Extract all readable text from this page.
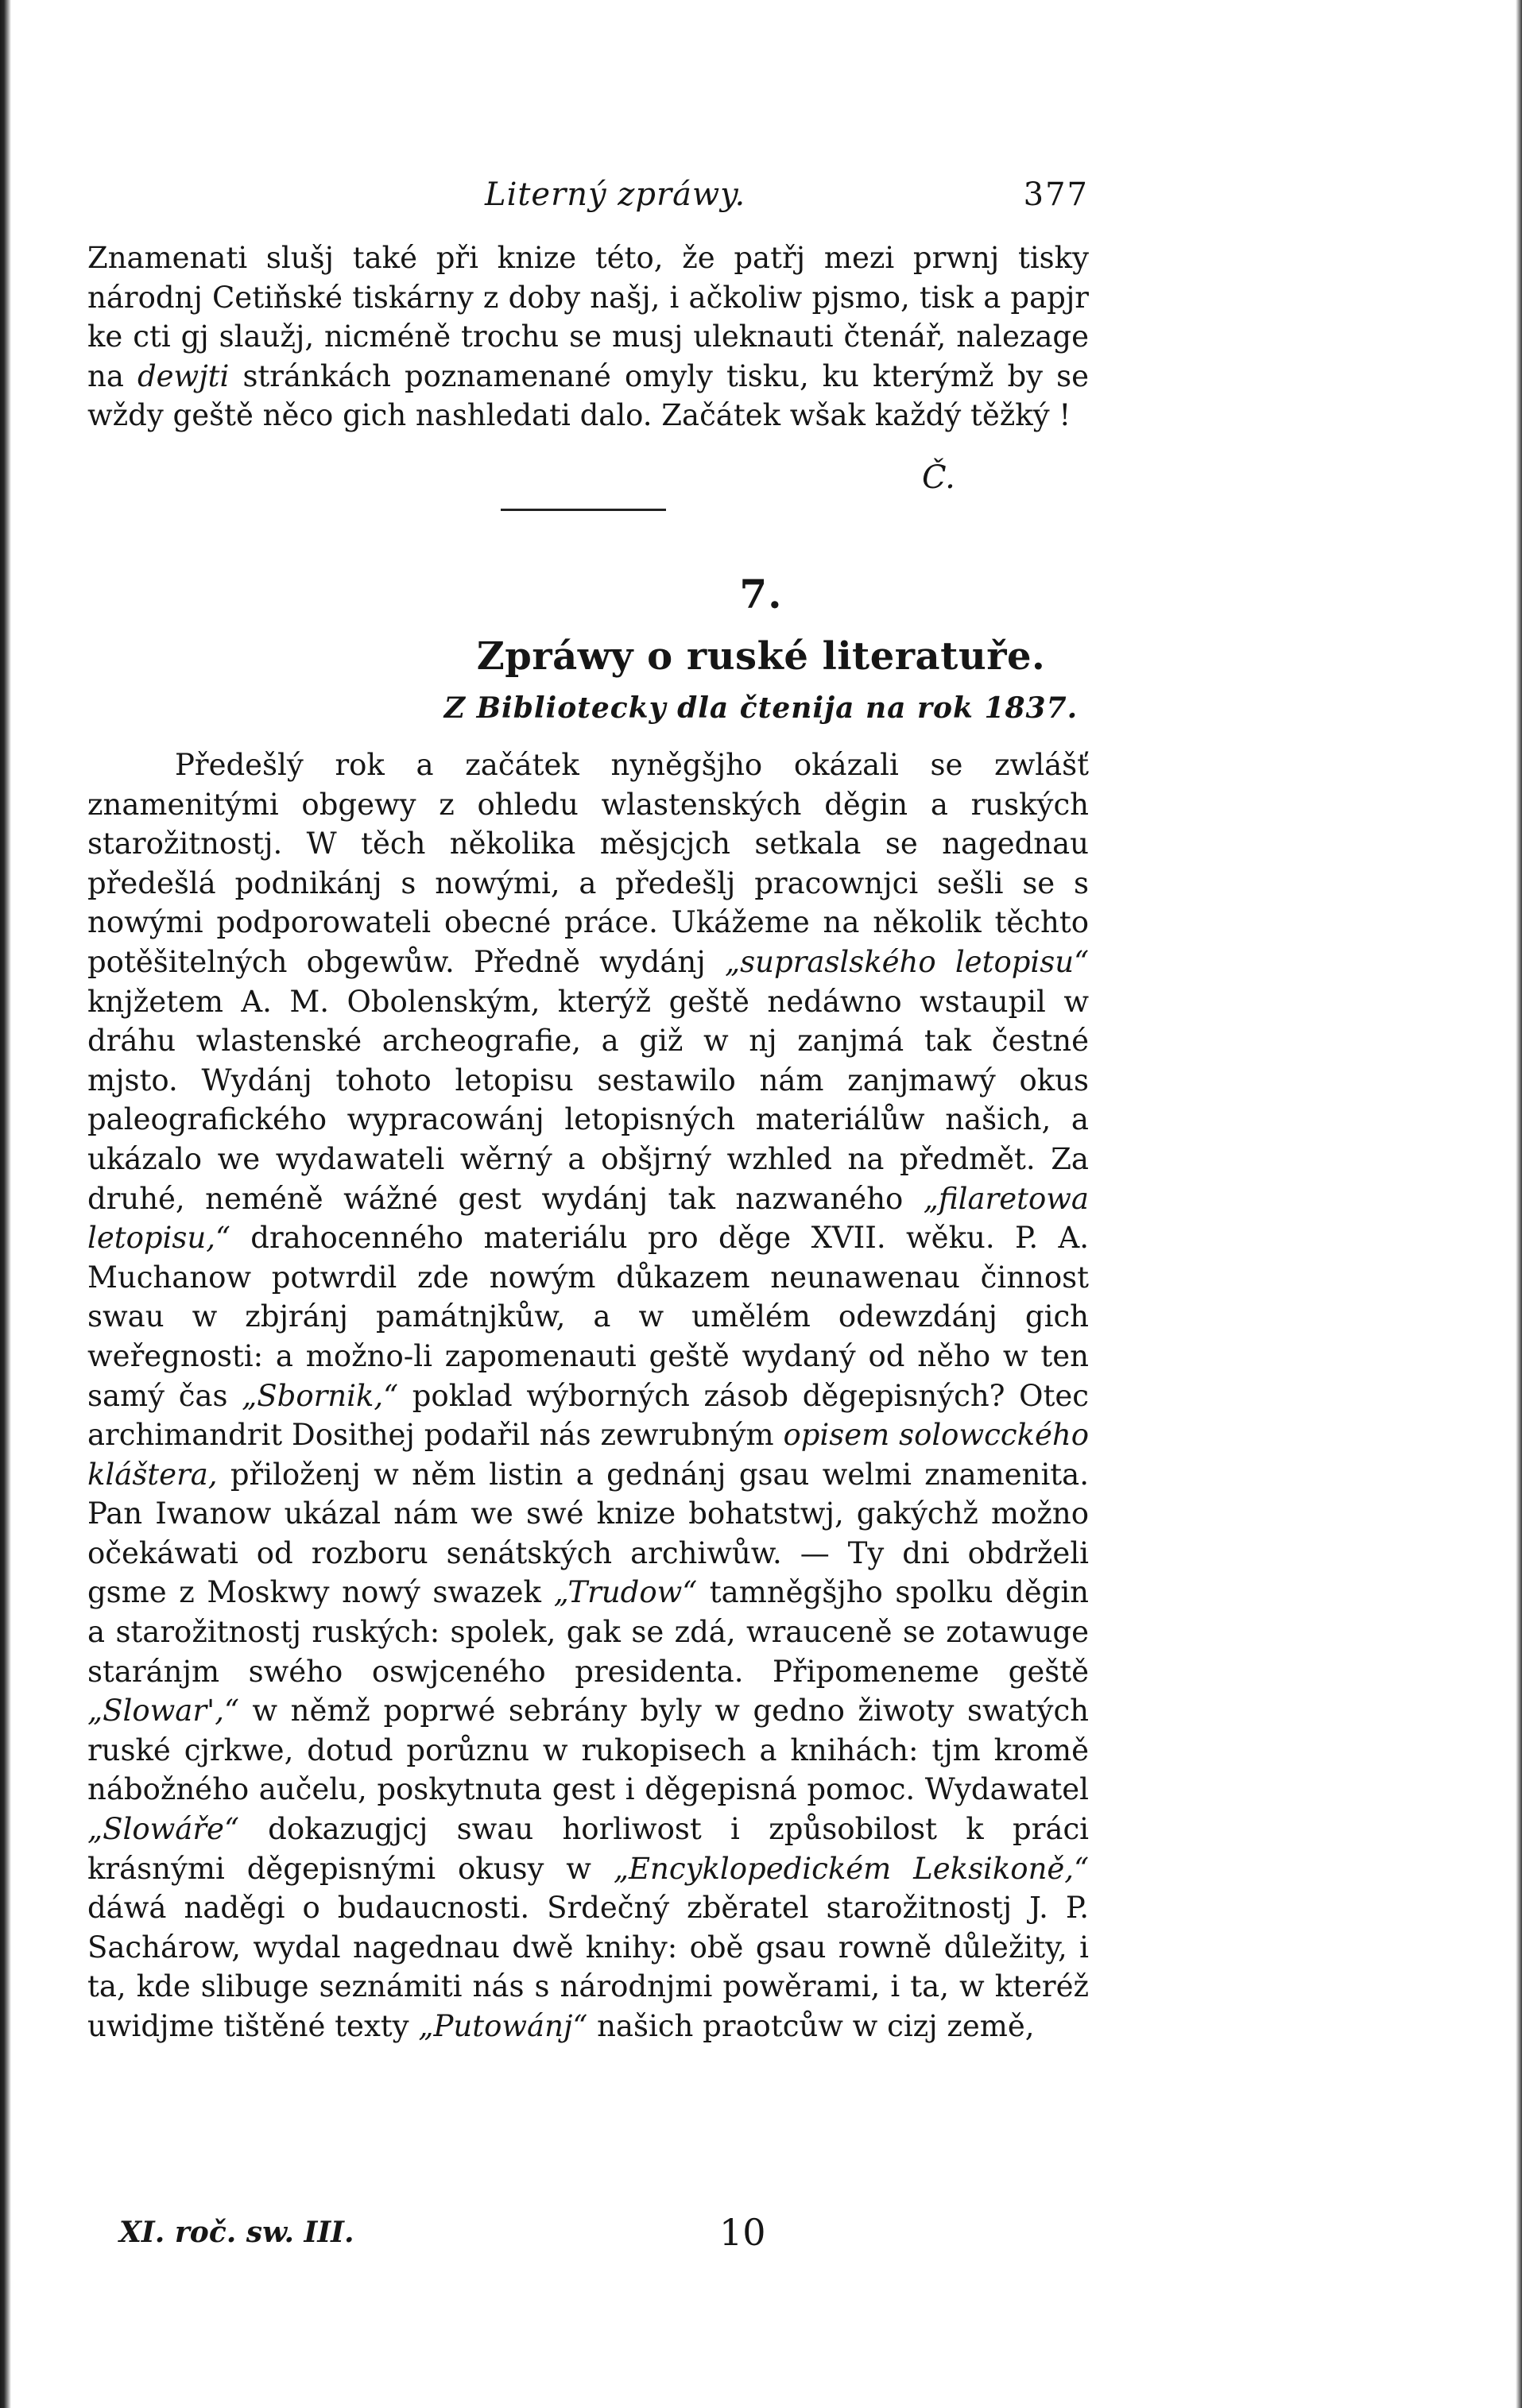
Literný zpráwy.	377
Znamenati slušj také při knize této, že patřj mezi prwnj tisky národnj Cetiňské tiskárny z doby našj, i ačkoliw pjsmo, tisk a papjr ke cti gj slaužj, nicméně trochu se musj uleknauti čtenář, nalezage na dewjti stránkách poznamenané omyly tisku, ku kterýmž by se wždy geště něco gich nashledati dalo. Začátek wšak každý těžký !
Č.
7.
Zpráwy o ruské literatuře.
Z Bibliotecky dla čtenija na rok 1837.
Předešlý rok a začátek nyněgšjho okázali se zwlášť znamenitými obgewy z ohledu wlastenských děgin a ruských starožitnostj. W těch několika měsjcjch setkala se nagednau předešlá podnikánj s nowými, a předešlj pracownjci sešli se s nowými podporowateli obecné práce. Ukážeme na několik těchto potěšitelných obgewůw. Předně wydánj „supraslského letopisu“ knjžetem A. M. Obolenským, kterýž geště nedáwno wstaupil w dráhu wlastenské archeografie, a giž w nj zanjmá tak čestné mjsto. Wydánj tohoto letopisu sestawilo nám zanjmawý okus paleografického wypracowánj letopisných materiálůw našich, a ukázalo we wydawateli wěrný a obšjrný wzhled na předmět. Za druhé, neméně wážné gest wydánj tak nazwaného „filaretowa letopisu,“ drahocenného materiálu pro děge XVII. wěku. P. A. Muchanow potwrdil zde nowým důkazem neunawenau činnost swau w zbjránj památnjkůw, a w umělém odewzdánj gich weřegnosti: a možno-li zapomenauti geště wydaný od něho w ten samý čas „Sbornik,“ poklad wýborných zásob děgepisných? Otec archimandrit Dosithej podařil nás zewrubným opisem solowcckého kláštera, přiloženj w něm listin a gednánj gsau welmi znamenita. Pan Iwanow ukázal nám we swé knize bohatstwj, gakýchž možno očekáwati od rozboru senátských archiwůw. — Ty dni obdrželi gsme z Moskwy nowý swazek „Trudow“ tamněgšjho spolku děgin a starožitnostj ruských: spolek, gak se zdá, wrauceně se zotawuge staránjm swého oswjceného presidenta. Připomeneme geště „Slowar',“ w němž poprwé sebrány byly w gedno žiwoty swatých ruské cjrkwe, dotud porůznu w rukopisech a knihách: tjm kromě nábožného aučelu, poskytnuta gest i děgepisná pomoc. Wydawatel „Slowáře“ dokazugjcj swau horliwost i způsobilost k práci krásnými děgepisnými okusy w „Encyklopedickém Leksikoně,“ dáwá naděgi o budaucnosti. Srdečný zběratel starožitnostj J. P. Sachárow, wydal nagednau dwě knihy: obě gsau rowně důležity, i ta, kde slibuge seznámiti nás s národnjmi powěrami, i ta, w kteréž uwidjme tištěné texty „Putowánj“ našich praotcůw w cizj země,
XI. roč. sw. III.	10
